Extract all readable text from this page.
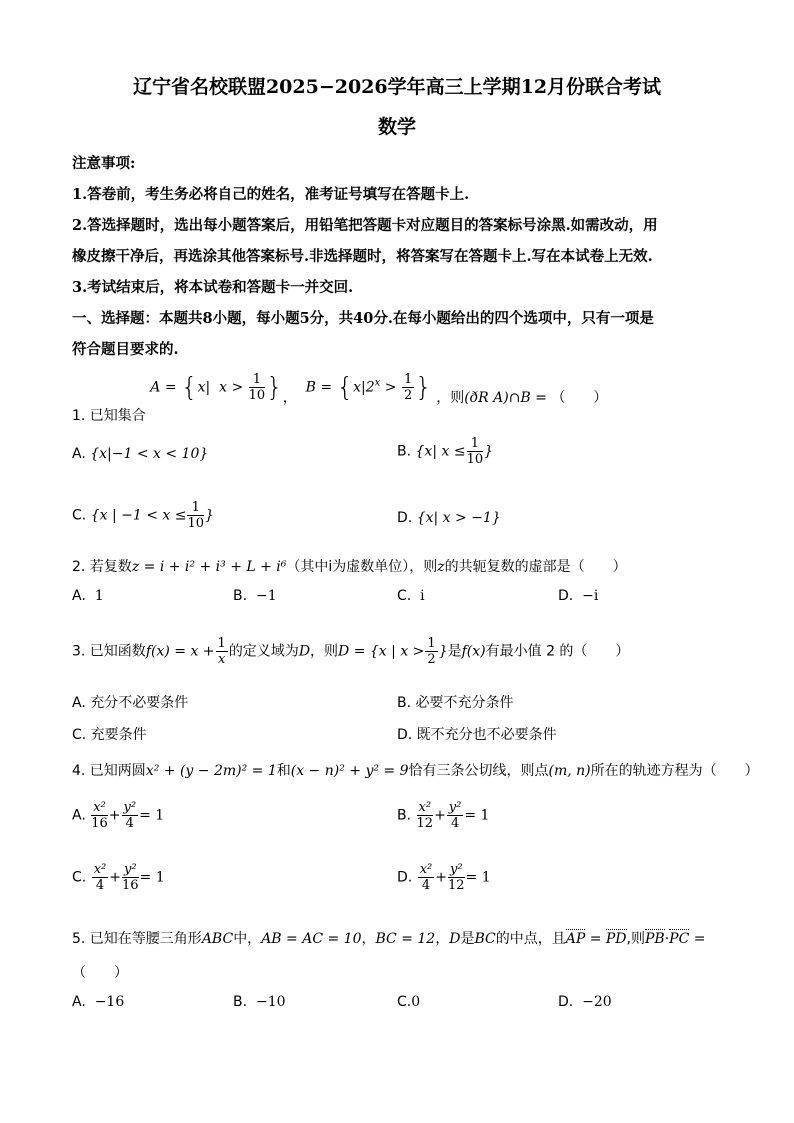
辽宁省名校联盟2025−2026学年高三上学期12月份联合考试
数学
注意事项:
1.答卷前，考生务必将自己的姓名，准考证号填写在答题卡上.
2.答选择题时，选出每小题答案后，用铅笔把答题卡对应题目的答案标号涂黑.如需改动，用
橡皮擦干净后，再选涂其他答案标号.非选择题时，将答案写在答题卡上.写在本试卷上无效.
3.考试结束后，将本试卷和答题卡一并交回.
一、选择题：本题共8小题，每小题5分，共40分.在每小题给出的四个选项中，只有一项是
符合题目要求的.
1. 已知集合 A = {x|  $x > \frac{1}{10}$ }，  $B = \{x|2^x > \frac{1}{2}$ } ，则(ðR A)∩B = （　　）
A. {x|−1 < x < 10}	B. {x| $x \le \frac{1}{10}$ }
C. {x | $-1 < x \le \frac{1}{10}$ }	D. {x| x > −1}
2. 若复数z = i + i² + i³ + L + i⁶（其中i为虚数单位），则z的共轭复数的虚部是（　　）
A. 1	B. −1	C. i	D. −i
3. 已知函数$f(x) = x + \frac{1}{x}$ 的定义域为D，则D = {x | $x > \frac{1}{2}$ }是f(x)有最小值 2 的（　　）
A. 充分不必要条件	B. 必要不充分条件
C. 充要条件	D. 既不充分也不必要条件
4. 已知两圆x² + (y − 2m)² = 1和(x − n)² + y² = 9恰有三条公切线，则点(m, n)所在的轨迹方程为（　　）
A. $\frac{\text{x²}}{16} + \frac{\text{y²}}{4} = 1$	B. $\frac{\text{x²}}{12} + \frac{\text{y²}}{4} = 1$
C. $\frac{\text{x²}}{4} + \frac{\text{y²}}{16} = 1$	D. $\frac{\text{x²}}{4} + \frac{\text{y²}}{12} = 1$
5. 已知在等腰三角形ABC中，AB = AC = 10，BC = 12，D是BC的中点，且AP = PD,则PB·PC =
（　　）
A. −16	B. −10	C.0	D. −20
